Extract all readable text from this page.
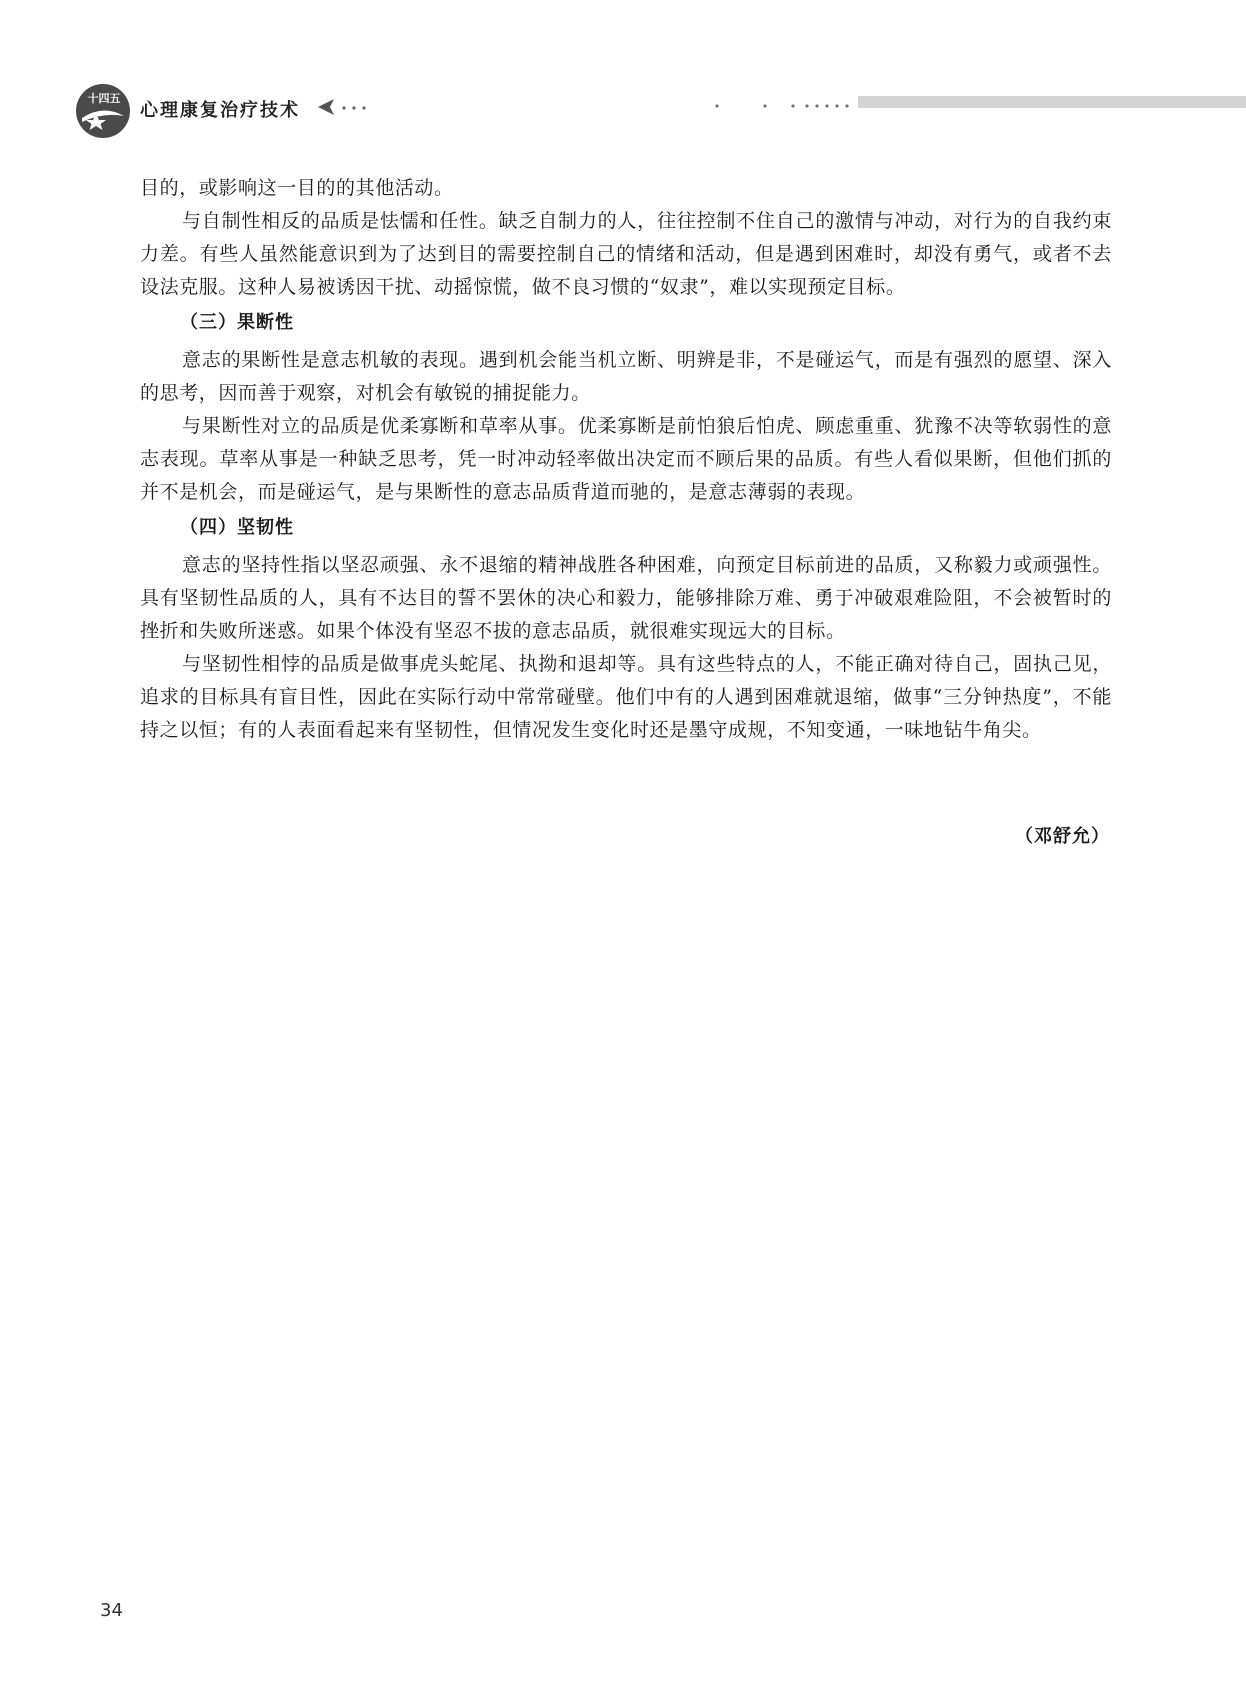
十四五
心理康复治疗技术

目的，或影响这一目的的其他活动。

与自制性相反的品质是怯懦和任性。缺乏自制力的人，往往控制不住自己的激情与冲动，对行为的自我约束力差。有些人虽然能意识到为了达到目的需要控制自己的情绪和活动，但是遇到困难时，却没有勇气，或者不去设法克服。这种人易被诱因干扰、动摇惊慌，做不良习惯的“奴隶”，难以实现预定目标。

（三）果断性

意志的果断性是意志机敏的表现。遇到机会能当机立断、明辨是非，不是碰运气，而是有强烈的愿望、深入的思考，因而善于观察，对机会有敏锐的捕捉能力。

与果断性对立的品质是优柔寡断和草率从事。优柔寡断是前怕狼后怕虎、顾虑重重、犹豫不决等软弱性的意志表现。草率从事是一种缺乏思考，凭一时冲动轻率做出决定而不顾后果的品质。有些人看似果断，但他们抓的并不是机会，而是碰运气，是与果断性的意志品质背道而驰的，是意志薄弱的表现。

（四）坚韧性

意志的坚持性指以坚忍顽强、永不退缩的精神战胜各种困难，向预定目标前进的品质，又称毅力或顽强性。具有坚韧性品质的人，具有不达目的誓不罢休的决心和毅力，能够排除万难、勇于冲破艰难险阻，不会被暂时的挫折和失败所迷惑。如果个体没有坚忍不拔的意志品质，就很难实现远大的目标。

与坚韧性相悖的品质是做事虎头蛇尾、执拗和退却等。具有这些特点的人，不能正确对待自己，固执己见，追求的目标具有盲目性，因此在实际行动中常常碰壁。他们中有的人遇到困难就退缩，做事“三分钟热度”，不能持之以恒；有的人表面看起来有坚韧性，但情况发生变化时还是墨守成规，不知变通，一味地钻牛角尖。

（邓舒允）
34
